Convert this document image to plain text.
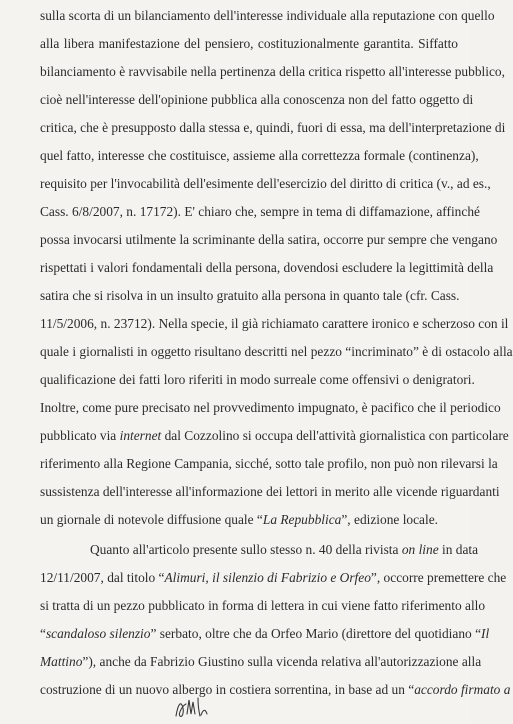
sulla scorta di un bilanciamento dell'interesse individuale alla reputazione con quello
alla libera manifestazione del pensiero, costituzionalmente garantita. Siffatto
bilanciamento è ravvisabile nella pertinenza della critica rispetto all'interesse pubblico,
cioè nell'interesse dell'opinione pubblica alla conoscenza non del fatto oggetto di
critica, che è presupposto dalla stessa e, quindi, fuori di essa, ma dell'interpretazione di
quel fatto, interesse che costituisce, assieme alla correttezza formale (continenza),
requisito per l'invocabilità dell'esimente dell'esercizio del diritto di critica (v., ad es.,
Cass. 6/8/2007, n. 17172). E' chiaro che, sempre in tema di diffamazione, affinché
possa invocarsi utilmente la scriminante della satira, occorre pur sempre che vengano
rispettati i valori fondamentali della persona, dovendosi escludere la legittimità della
satira che si risolva in un insulto gratuito alla persona in quanto tale (cfr. Cass.
11/5/2006, n. 23712). Nella specie, il già richiamato carattere ironico e scherzoso con il
quale i giornalisti in oggetto risultano descritti nel pezzo “incriminato” è di ostacolo alla
qualificazione dei fatti loro riferiti in modo surreale come offensivi o denigratori.
Inoltre, come pure precisato nel provvedimento impugnato, è pacifico che il periodico
pubblicato via internet dal Cozzolino si occupa dell'attività giornalistica con particolare
riferimento alla Regione Campania, sicché, sotto tale profilo, non può non rilevarsi la
sussistenza dell'interesse all'informazione dei lettori in merito alle vicende riguardanti
un giornale di notevole diffusione quale “La Repubblica”, edizione locale.
Quanto all'articolo presente sullo stesso n. 40 della rivista on line in data
12/11/2007, dal titolo “Alimuri, il silenzio di Fabrizio e Orfeo”, occorre premettere che
si tratta di un pezzo pubblicato in forma di lettera in cui viene fatto riferimento allo
“scandaloso silenzio” serbato, oltre che da Orfeo Mario (direttore del quotidiano “Il
Mattino”), anche da Fabrizio Giustino sulla vicenda relativa all'autorizzazione alla
costruzione di un nuovo albergo in costiera sorrentina, in base ad un “accordo firmato a
